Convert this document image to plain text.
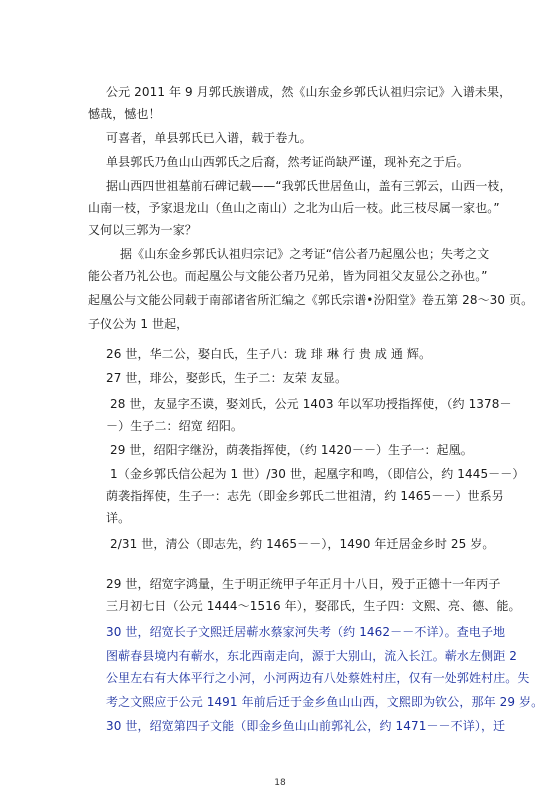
公元 2011 年 9 月郭氏族谱成，然《山东金乡郭氏认祖归宗记》入谱未果，
憾哉，憾也！
可喜者，单县郭氏已入谱，载于卷九。
单县郭氏乃鱼山山西郭氏之后裔，然考证尚缺严谨，现补充之于后。
据山西四世祖墓前石碑记载——“我郭氏世居鱼山，盖有三郭云，山西一枝，
山南一枝，予家退龙山（鱼山之南山）之北为山后一枝。此三枝尽属一家也。”
又何以三郭为一家？
据《山东金乡郭氏认祖归宗记》之考证“信公者乃起凰公也；失考之文
能公者乃礼公也。而起凰公与文能公者乃兄弟，皆为同祖父友显公之孙也。”
起凰公与文能公同载于南部诸省所汇编之《郭氏宗谱•汾阳堂》卷五第 28～30 页。
子仪公为 1 世起，
26 世，华二公，娶白氏，生子八：珑 琲 琳 行 贵 成 通 辉。
27 世，琲公，娶彭氏，生子二：友荣 友显。
28 世，友显字丕谟，娶刘氏，公元 1403 年以军功授指挥使，（约 1378－
－）生子二：绍宽 绍阳。
29 世，绍阳字继汾，荫袭指挥使，（约 1420－－）生子一：起凰。
1（金乡郭氏信公起为 1 世）/30 世，起凰字和鸣，（即信公，约 1445－－）
荫袭指挥使，生子一：志先（即金乡郭氏二世祖清，约 1465－－）世系另
详。
2/31 世，清公（即志先，约 1465－－），1490 年迁居金乡时 25 岁。
29 世，绍宽字鸿量，生于明正统甲子年正月十八日，殁于正德十一年丙子
三月初七日（公元 1444～1516 年），娶邵氏，生子四：文熙、亮、德、能。
30 世，绍宽长子文熙迁居蕲水蔡家河失考（约 1462－－不详）。查电子地
图蕲春县境内有蕲水，东北西南走向，源于大别山，流入长江。蕲水左侧距 2
公里左右有大体平行之小河，小河两边有八处蔡姓村庄，仅有一处郭姓村庄。失
考之文熙应于公元 1491 年前后迁于金乡鱼山山西，文熙即为钦公，那年 29 岁。
30 世，绍宽第四子文能（即金乡鱼山山前郭礼公，约 1471－－不详），迁
18
